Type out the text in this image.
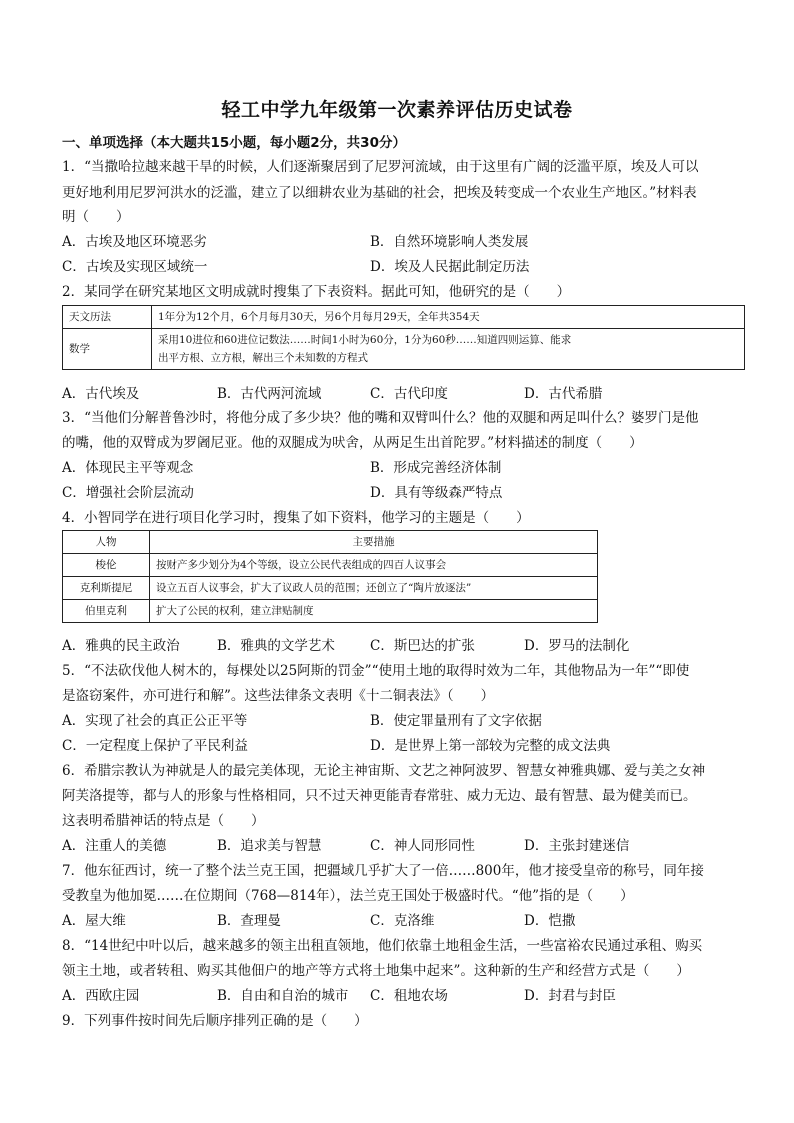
轻工中学九年级第一次素养评估历史试卷
一、单项选择（本大题共15小题，每小题2分，共30分）
1．“当撒哈拉越来越干旱的时候，人们逐渐聚居到了尼罗河流域，由于这里有广阔的泛滥平原，埃及人可以
更好地利用尼罗河洪水的泛滥，建立了以细耕农业为基础的社会，把埃及转变成一个农业生产地区。”材料表
明（　　）
A．古埃及地区环境恶劣	B．自然环境影响人类发展
C．古埃及实现区域统一	D．埃及人民据此制定历法
2．某同学在研究某地区文明成就时搜集了下表资料。据此可知，他研究的是（　　）
天文历法	1年分为12个月，6个月每月30天，另6个月每月29天，全年共354天
数学	采用10进位和60进位记数法……时间1小时为60分，1分为60秒……知道四则运算、能求
出平方根、立方根，解出三个未知数的方程式
A．古代埃及	B．古代两河流域	C．古代印度	D．古代希腊
3．“当他们分解普鲁沙时，将他分成了多少块？他的嘴和双臂叫什么？他的双腿和两足叫什么？婆罗门是他
的嘴，他的双臂成为罗阇尼亚。他的双腿成为吠舍，从两足生出首陀罗。”材料描述的制度（　　）
A．体现民主平等观念	B．形成完善经济体制
C．增强社会阶层流动	D．具有等级森严特点
4．小智同学在进行项目化学习时，搜集了如下资料，他学习的主题是（　　）
人物	主要措施
梭伦	按财产多少划分为4个等级，设立公民代表组成的四百人议事会
克利斯提尼	设立五百人议事会，扩大了议政人员的范围；还创立了“陶片放逐法”
伯里克利	扩大了公民的权利，建立津贴制度
A．雅典的民主政治	B．雅典的文学艺术	C．斯巴达的扩张	D．罗马的法制化
5．“不法砍伐他人树木的，每棵处以25阿斯的罚金”“使用土地的取得时效为二年，其他物品为一年”“即使
是盗窃案件，亦可进行和解”。这些法律条文表明《十二铜表法》（　　）
A．实现了社会的真正公正平等	B．使定罪量刑有了文字依据
C．一定程度上保护了平民利益	D．是世界上第一部较为完整的成文法典
6．希腊宗教认为神就是人的最完美体现，无论主神宙斯、文艺之神阿波罗、智慧女神雅典娜、爱与美之女神
阿芙洛提等，都与人的形象与性格相同，只不过天神更能青春常驻、威力无边、最有智慧、最为健美而已。
这表明希腊神话的特点是（　　）
A．注重人的美德	B．追求美与智慧	C．神人同形同性	D．主张封建迷信
7．他东征西讨，统一了整个法兰克王国，把疆域几乎扩大了一倍……800年，他才接受皇帝的称号，同年接
受教皇为他加冕……在位期间（768—814年），法兰克王国处于极盛时代。“他”指的是（　　）
A．屋大维	B．查理曼	C．克洛维	D．恺撒
8．“14世纪中叶以后，越来越多的领主出租直领地，他们依靠土地租金生活，一些富裕农民通过承租、购买
领主土地，或者转租、购买其他佃户的地产等方式将土地集中起来”。这种新的生产和经营方式是（　　）
A．西欧庄园	B．自由和自治的城市 C．租地农场	D．封君与封臣
9．下列事件按时间先后顺序排列正确的是（　　）
